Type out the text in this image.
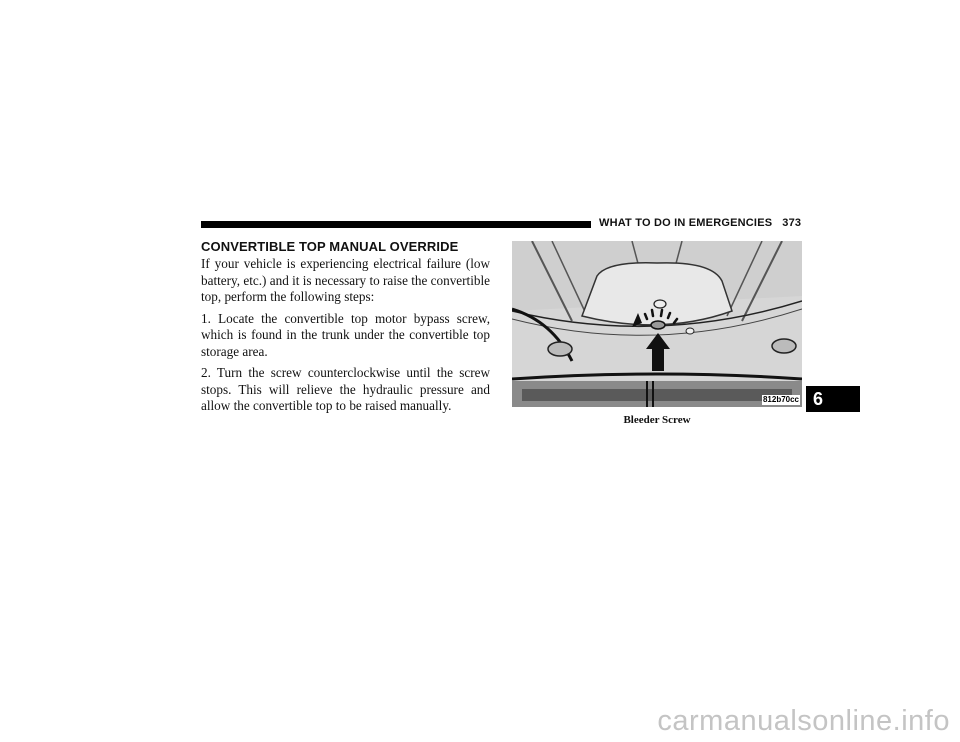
WHAT TO DO IN EMERGENCIES 373
CONVERTIBLE TOP MANUAL OVERRIDE

If your vehicle is experiencing electrical failure (low battery, etc.) and it is necessary to raise the convertible top, perform the following steps:

1. Locate the convertible top motor bypass screw, which is found in the trunk under the convertible top storage area.

2. Turn the screw counterclockwise until the screw stops. This will relieve the hydraulic pressure and allow the convertible top to be raised manually.	812b70cc
Bleeder Screw
6
carmanualsonline.info
